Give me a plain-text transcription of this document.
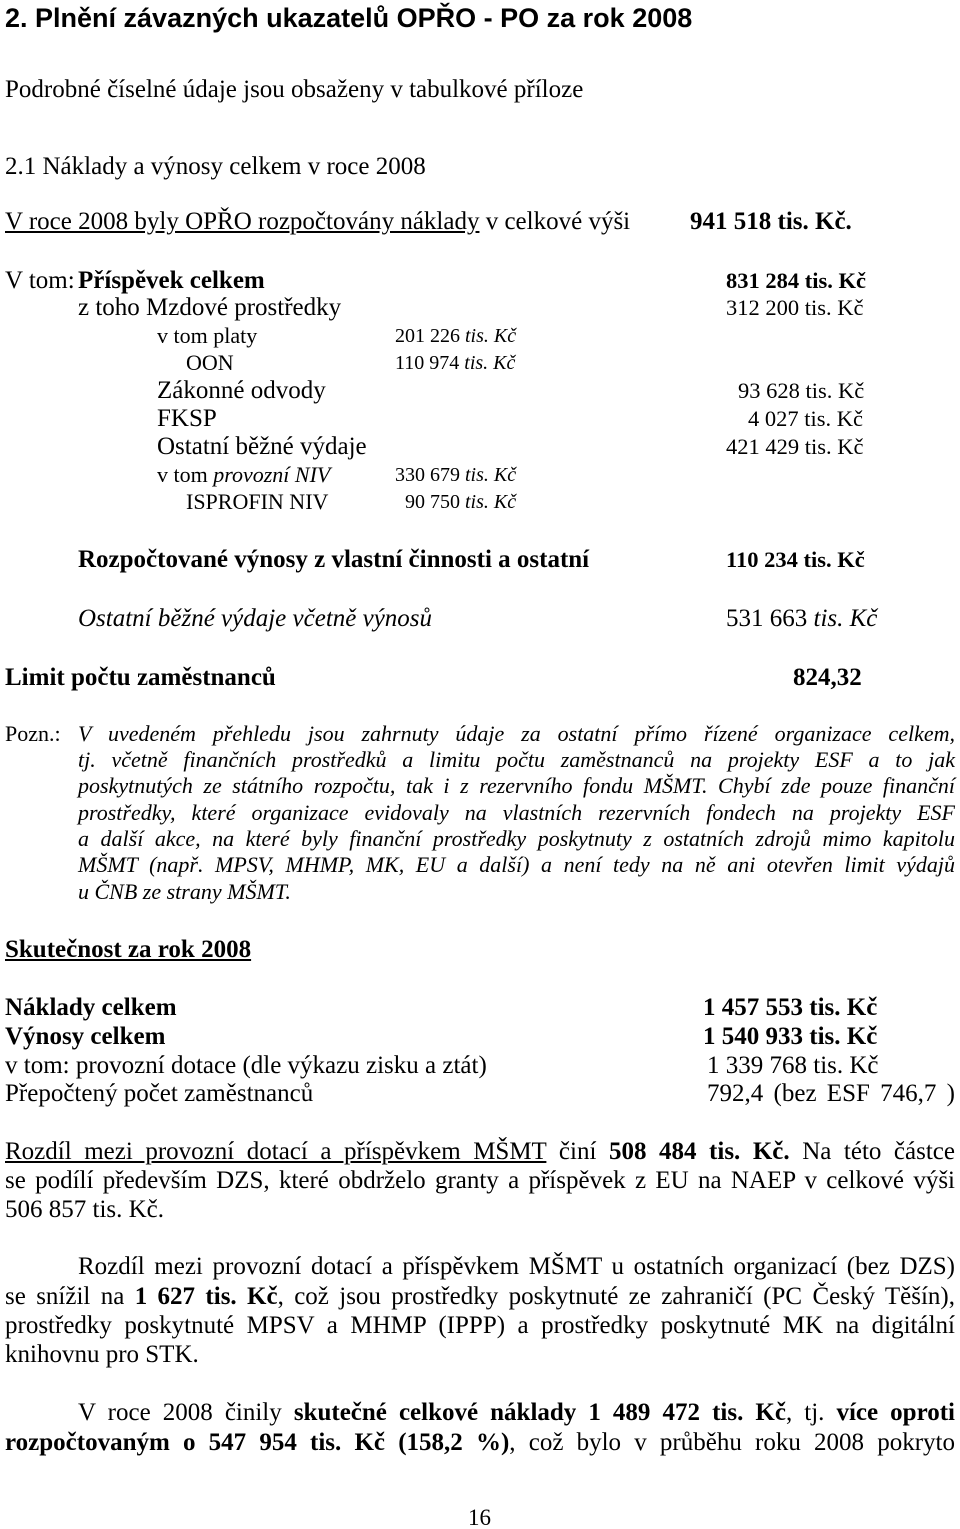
2. Plnění závazných ukazatelů OPŘO - PO za rok 2008
Podrobné číselné údaje jsou obsaženy v tabulkové příloze
2.1 Náklady a výnosy celkem v roce 2008
V roce 2008 byly OPŘO rozpočtovány náklady v celkové výši 941 518 tis. Kč.
V tom: Příspěvek celkem	831 284 tis. Kč
z toho Mzdové prostředky	312 200 tis. Kč
v tom platy	201 226 tis. Kč
OON	110 974 tis. Kč
Zákonné odvody	93 628 tis. Kč
FKSP	4 027 tis. Kč
Ostatní běžné výdaje	421 429 tis. Kč
v tom provozní NIV	330 679 tis. Kč
ISPROFIN NIV	90 750 tis. Kč
Rozpočtované výnosy z vlastní činnosti a ostatní	110 234 tis. Kč
Ostatní běžné výdaje včetně výnosů	531 663 tis. Kč
Limit počtu zaměstnanců	824,32
Pozn.: V uvedeném přehledu jsou zahrnuty údaje za ostatní přímo řízené organizace celkem,
tj. včetně finančních prostředků a limitu počtu zaměstnanců na projekty ESF a to jak
poskytnutých ze státního rozpočtu, tak i z rezervního fondu MŠMT. Chybí zde pouze finanční
prostředky, které organizace evidovaly na vlastních rezervních fondech na projekty ESF
a další akce, na které byly finanční prostředky poskytnuty z ostatních zdrojů mimo kapitolu
MŠMT (např. MPSV, MHMP, MK, EU a další) a není tedy na ně ani otevřen limit výdajů
u ČNB ze strany MŠMT.
Skutečnost za rok 2008
Náklady celkem	1 457 553 tis. Kč
Výnosy celkem	1 540 933 tis. Kč
v tom: provozní dotace (dle výkazu zisku a ztát)	1 339 768 tis. Kč
Přepočtený počet zaměstnanců	792,4 (bez ESF 746,7 )
Rozdíl mezi provozní dotací a příspěvkem MŠMT činí 508 484 tis. Kč. Na této částce
se podílí především DZS, které obdrželo granty a příspěvek z EU na NAEP v celkové výši
506 857 tis. Kč.
Rozdíl mezi provozní dotací a příspěvkem MŠMT u ostatních organizací (bez DZS)
se snížil na 1 627 tis. Kč, což jsou prostředky poskytnuté ze zahraničí (PC Český Těšín),
prostředky poskytnuté MPSV a MHMP (IPPP) a prostředky poskytnuté MK na digitální
knihovnu pro STK.
V roce 2008 činily skutečné celkové náklady 1 489 472 tis. Kč, tj. více oproti
rozpočtovaným o 547 954 tis. Kč (158,2 %), což bylo v průběhu roku 2008 pokryto
16
